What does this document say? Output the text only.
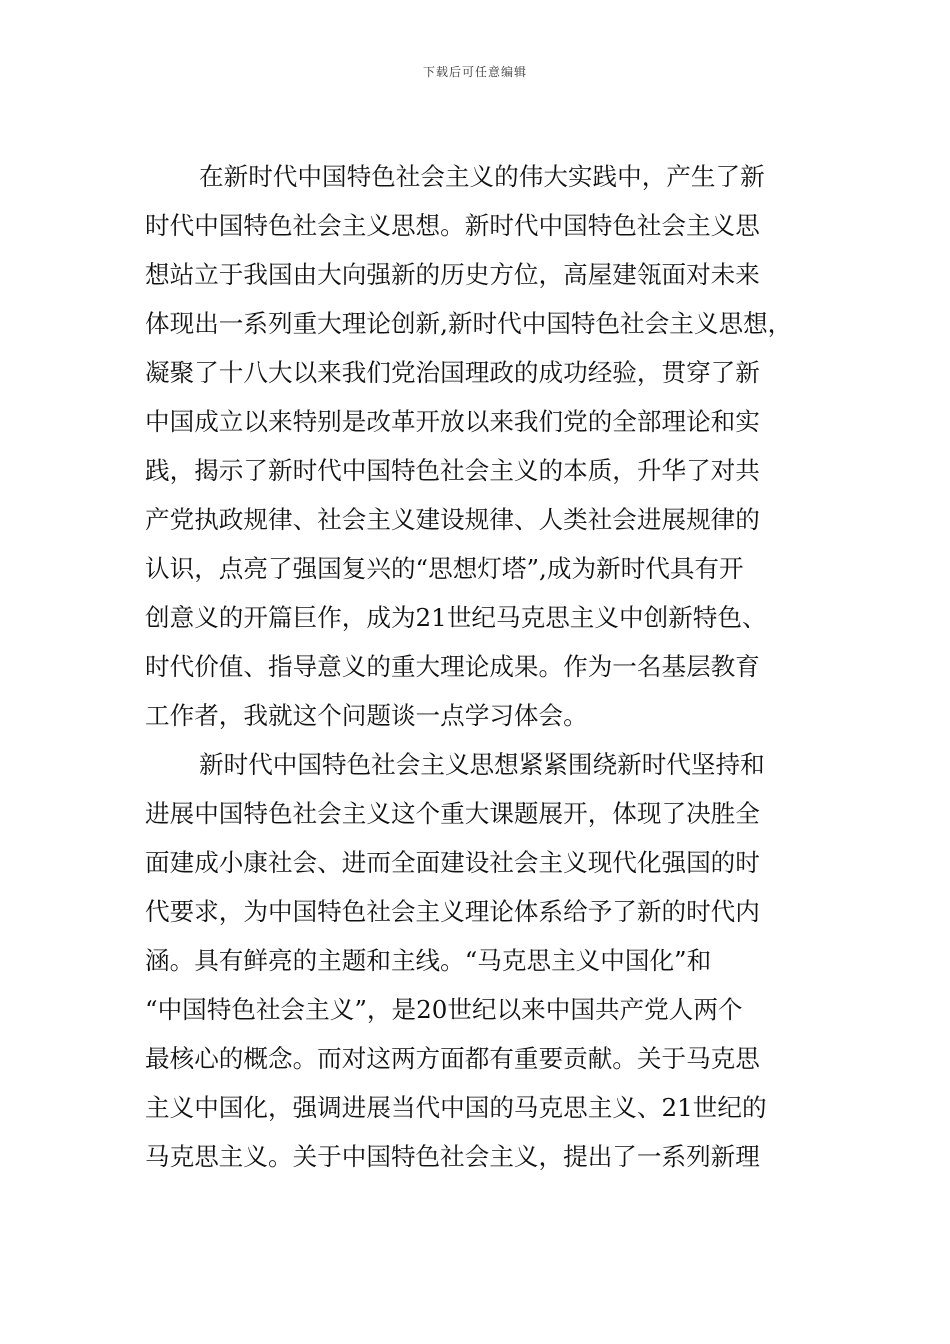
下载后可任意编辑
在新时代中国特色社会主义的伟大实践中，产生了新
时代中国特色社会主义思想。新时代中国特色社会主义思
想站立于我国由大向强新的历史方位，高屋建瓴面对未来
体现出一系列重大理论创新,新时代中国特色社会主义思想，
凝聚了十八大以来我们党治国理政的成功经验，贯穿了新
中国成立以来特别是改革开放以来我们党的全部理论和实
践，揭示了新时代中国特色社会主义的本质，升华了对共
产党执政规律、社会主义建设规律、人类社会进展规律的
认识，点亮了强国复兴的“思想灯塔”,成为新时代具有开
创意义的开篇巨作，成为21世纪马克思主义中创新特色、
时代价值、指导意义的重大理论成果。作为一名基层教育
工作者，我就这个问题谈一点学习体会。
新时代中国特色社会主义思想紧紧围绕新时代坚持和
进展中国特色社会主义这个重大课题展开，体现了决胜全
面建成小康社会、进而全面建设社会主义现代化强国的时
代要求，为中国特色社会主义理论体系给予了新的时代内
涵。具有鲜亮的主题和主线。“马克思主义中国化”和
“中国特色社会主义”，是20世纪以来中国共产党人两个
最核心的概念。而对这两方面都有重要贡献。关于马克思
主义中国化，强调进展当代中国的马克思主义、21世纪的
马克思主义。关于中国特色社会主义，提出了一系列新理
